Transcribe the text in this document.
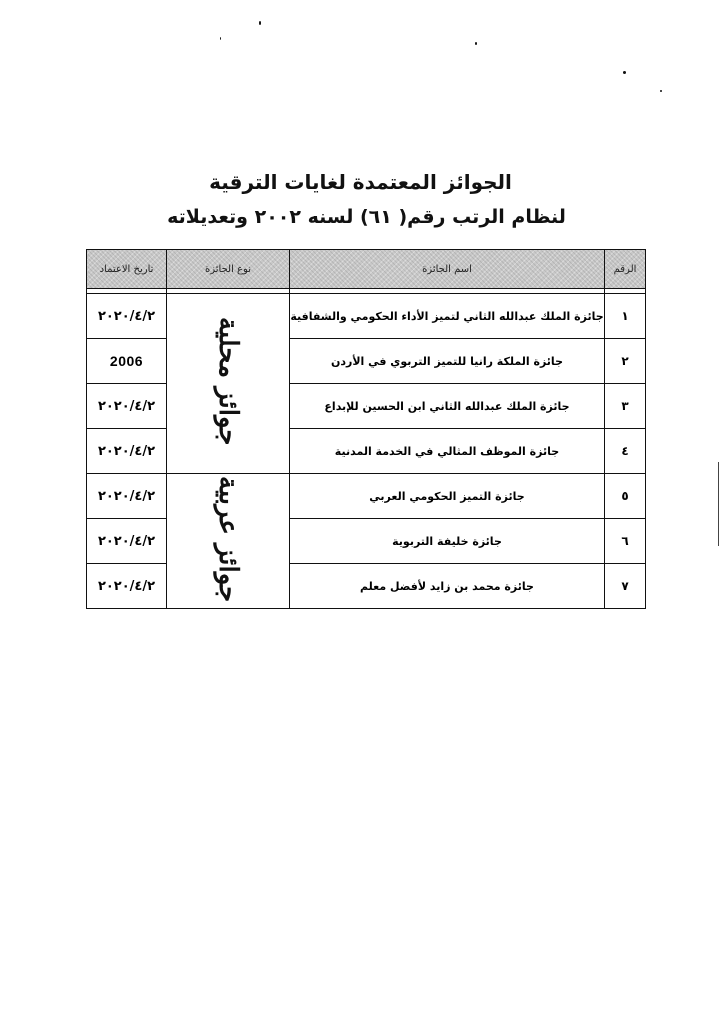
الجوائز المعتمدة لغايات الترقية
لنظام الرتب رقم( ٦١) لسنه ٢٠٠٢ وتعديلاته
الرقم	اسم الجائزة	نوع الجائزة	تاريخ الاعتماد

١	جائزة الملك عبدالله الثاني لتميز الأداء الحكومي والشفافية	جوائز محلية	٢٠٢٠/٤/٢
٢	جائزة الملكة رانيا للتميز التربوي في الأردن		2006
٣	جائزة الملك عبدالله الثاني ابن الحسين للإبداع		٢٠٢٠/٤/٢
٤	جائزة الموظف المثالي في الخدمة المدنية		٢٠٢٠/٤/٢
٥	جائزة التميز الحكومي العربي	جوائز عربية	٢٠٢٠/٤/٢
٦	جائزة خليفة التربوية		٢٠٢٠/٤/٢
٧	جائزة محمد بن زايد لأفضل معلم		٢٠٢٠/٤/٢
